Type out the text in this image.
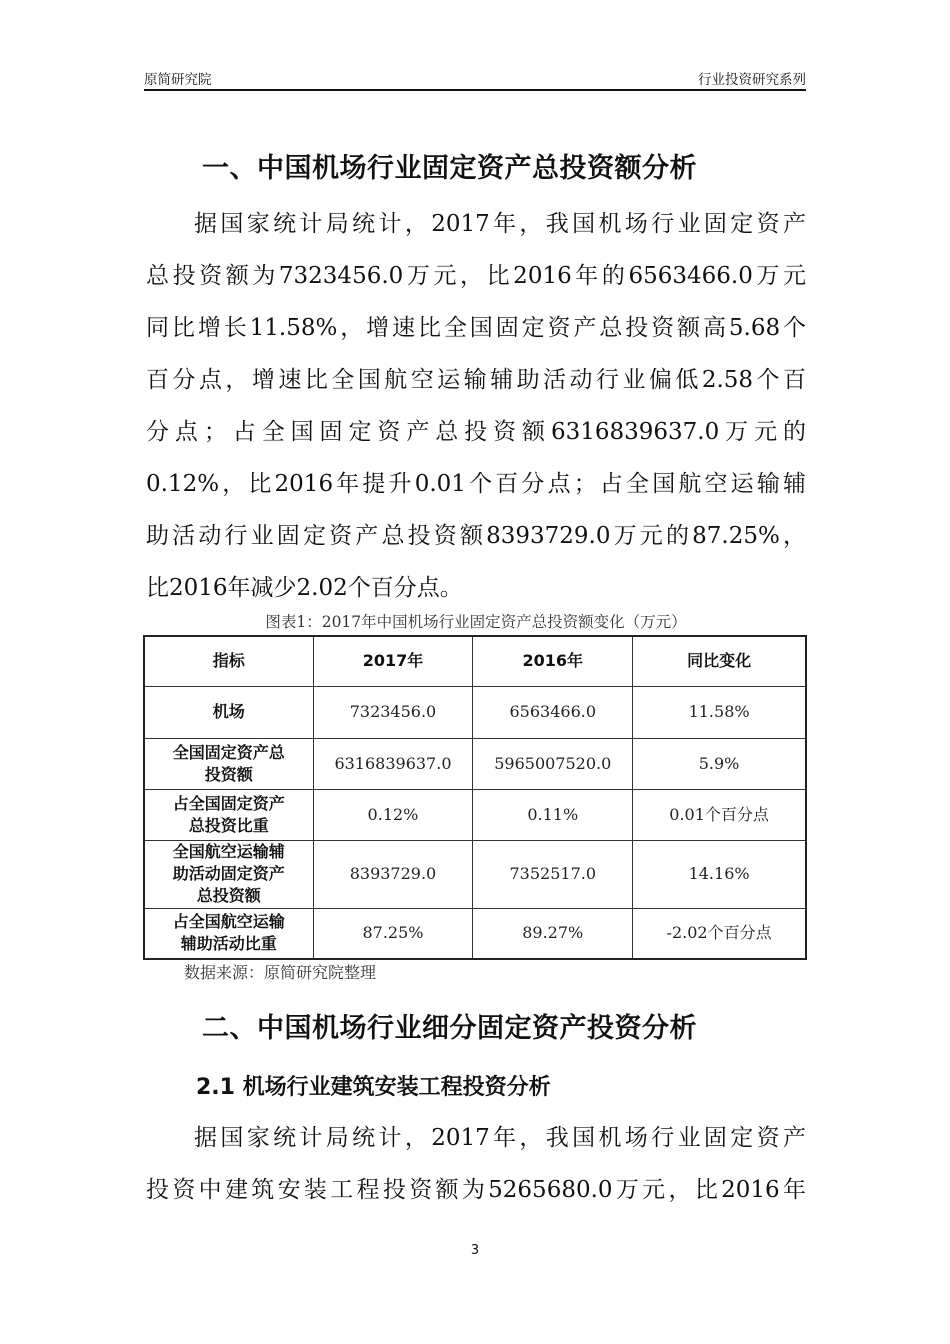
原简研究院	行业投资研究系列
一、中国机场行业固定资产总投资额分析
据国家统计局统计，2017年，我国机场行业固定资产
总投资额为7323456.0万元，比2016年的6563466.0万元
同比增长11.58%，增速比全国固定资产总投资额高5.68个
百分点，增速比全国航空运输辅助活动行业偏低2.58个百
分点；占全国固定资产总投资额6316839637.0万元的
0.12%，比2016年提升0.01个百分点；占全国航空运输辅
助活动行业固定资产总投资额8393729.0万元的87.25%，
比2016年减少2.02个百分点。
图表1：2017年中国机场行业固定资产总投资额变化（万元）
指标	2017年	2016年	同比变化

机场	7323456.0	6563466.0	11.58%

全国固定资产总
投资额	6316839637.0	5965007520.0	5.9%

占全国固定资产
总投资比重	0.12%	0.11%	0.01个百分点

全国航空运输辅
助活动固定资产
总投资额	8393729.0	7352517.0	14.16%

占全国航空运输
辅助活动比重	87.25%	89.27%	-2.02个百分点
数据来源：原简研究院整理
二、中国机场行业细分固定资产投资分析
2.1 机场行业建筑安装工程投资分析
据国家统计局统计，2017年，我国机场行业固定资产
投资中建筑安装工程投资额为5265680.0万元，比2016年
3
